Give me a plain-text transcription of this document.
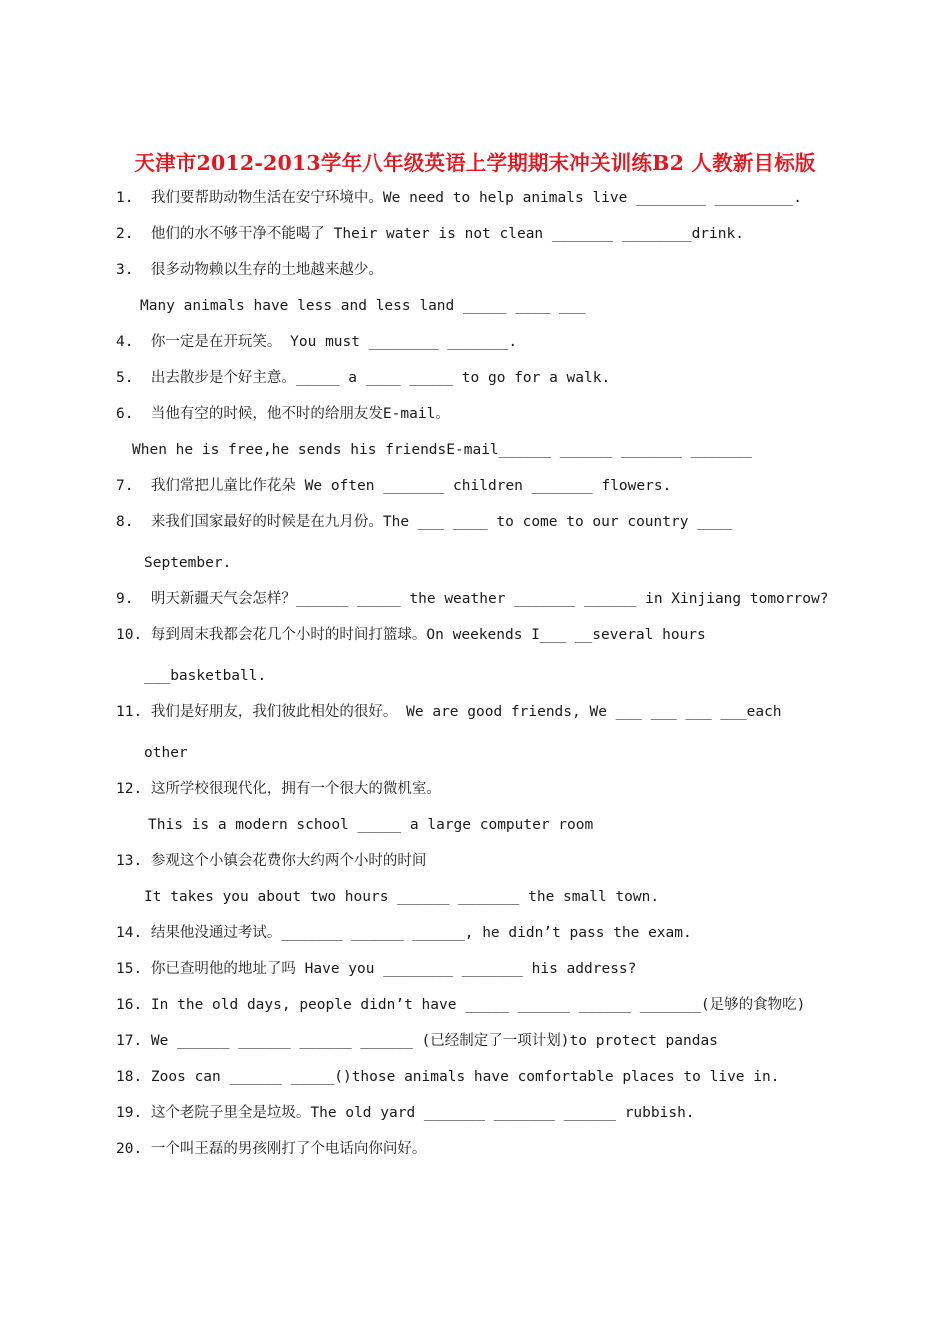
天津市2012-2013学年八年级英语上学期期末冲关训练B2 人教新目标版
1.  我们要帮助动物生活在安宁环境中。We need to help animals live ________ _________.
2.  他们的水不够干净不能喝了 Their water is not clean _______ ________drink.
3.  很多动物赖以生存的土地越来越少。
Many animals have less and less land _____ ____ ___
4.  你一定是在开玩笑。 You must ________ _______.
5.  出去散步是个好主意。_____ a ____ _____ to go for a walk.
6.  当他有空的时候，他不时的给朋友发E-mail。
When he is free,he sends his friendsE-mail______ ______ _______ _______
7.  我们常把儿童比作花朵 We often _______ children _______ flowers.
8.  来我们国家最好的时候是在九月份。The ___ ____ to come to our country ____
September.
9.  明天新疆天气会怎样？______ _____ the weather _______ ______ in Xinjiang tomorrow?
10. 每到周末我都会花几个小时的时间打篮球。On weekends I___ __several hours
___basketball.
11. 我们是好朋友，我们彼此相处的很好。 We are good friends, We ___ ___ ___ ___each
other
12. 这所学校很现代化，拥有一个很大的微机室。
This is a modern school _____ a large computer room
13. 参观这个小镇会花费你大约两个小时的时间
It takes you about two hours ______ _______ the small town.
14. 结果他没通过考试。_______ ______ ______, he didn’t pass the exam.
15. 你已查明他的地址了吗 Have you ________ _______ his address?
16. In the old days, people didn’t have _____ ______ ______ _______(足够的食物吃)
17. We ______ ______ ______ ______ (已经制定了一项计划)to protect pandas
18. Zoos can ______ _____()those animals have comfortable places to live in.
19. 这个老院子里全是垃圾。The old yard _______ _______ ______ rubbish.
20. 一个叫王磊的男孩刚打了个电话向你问好。
